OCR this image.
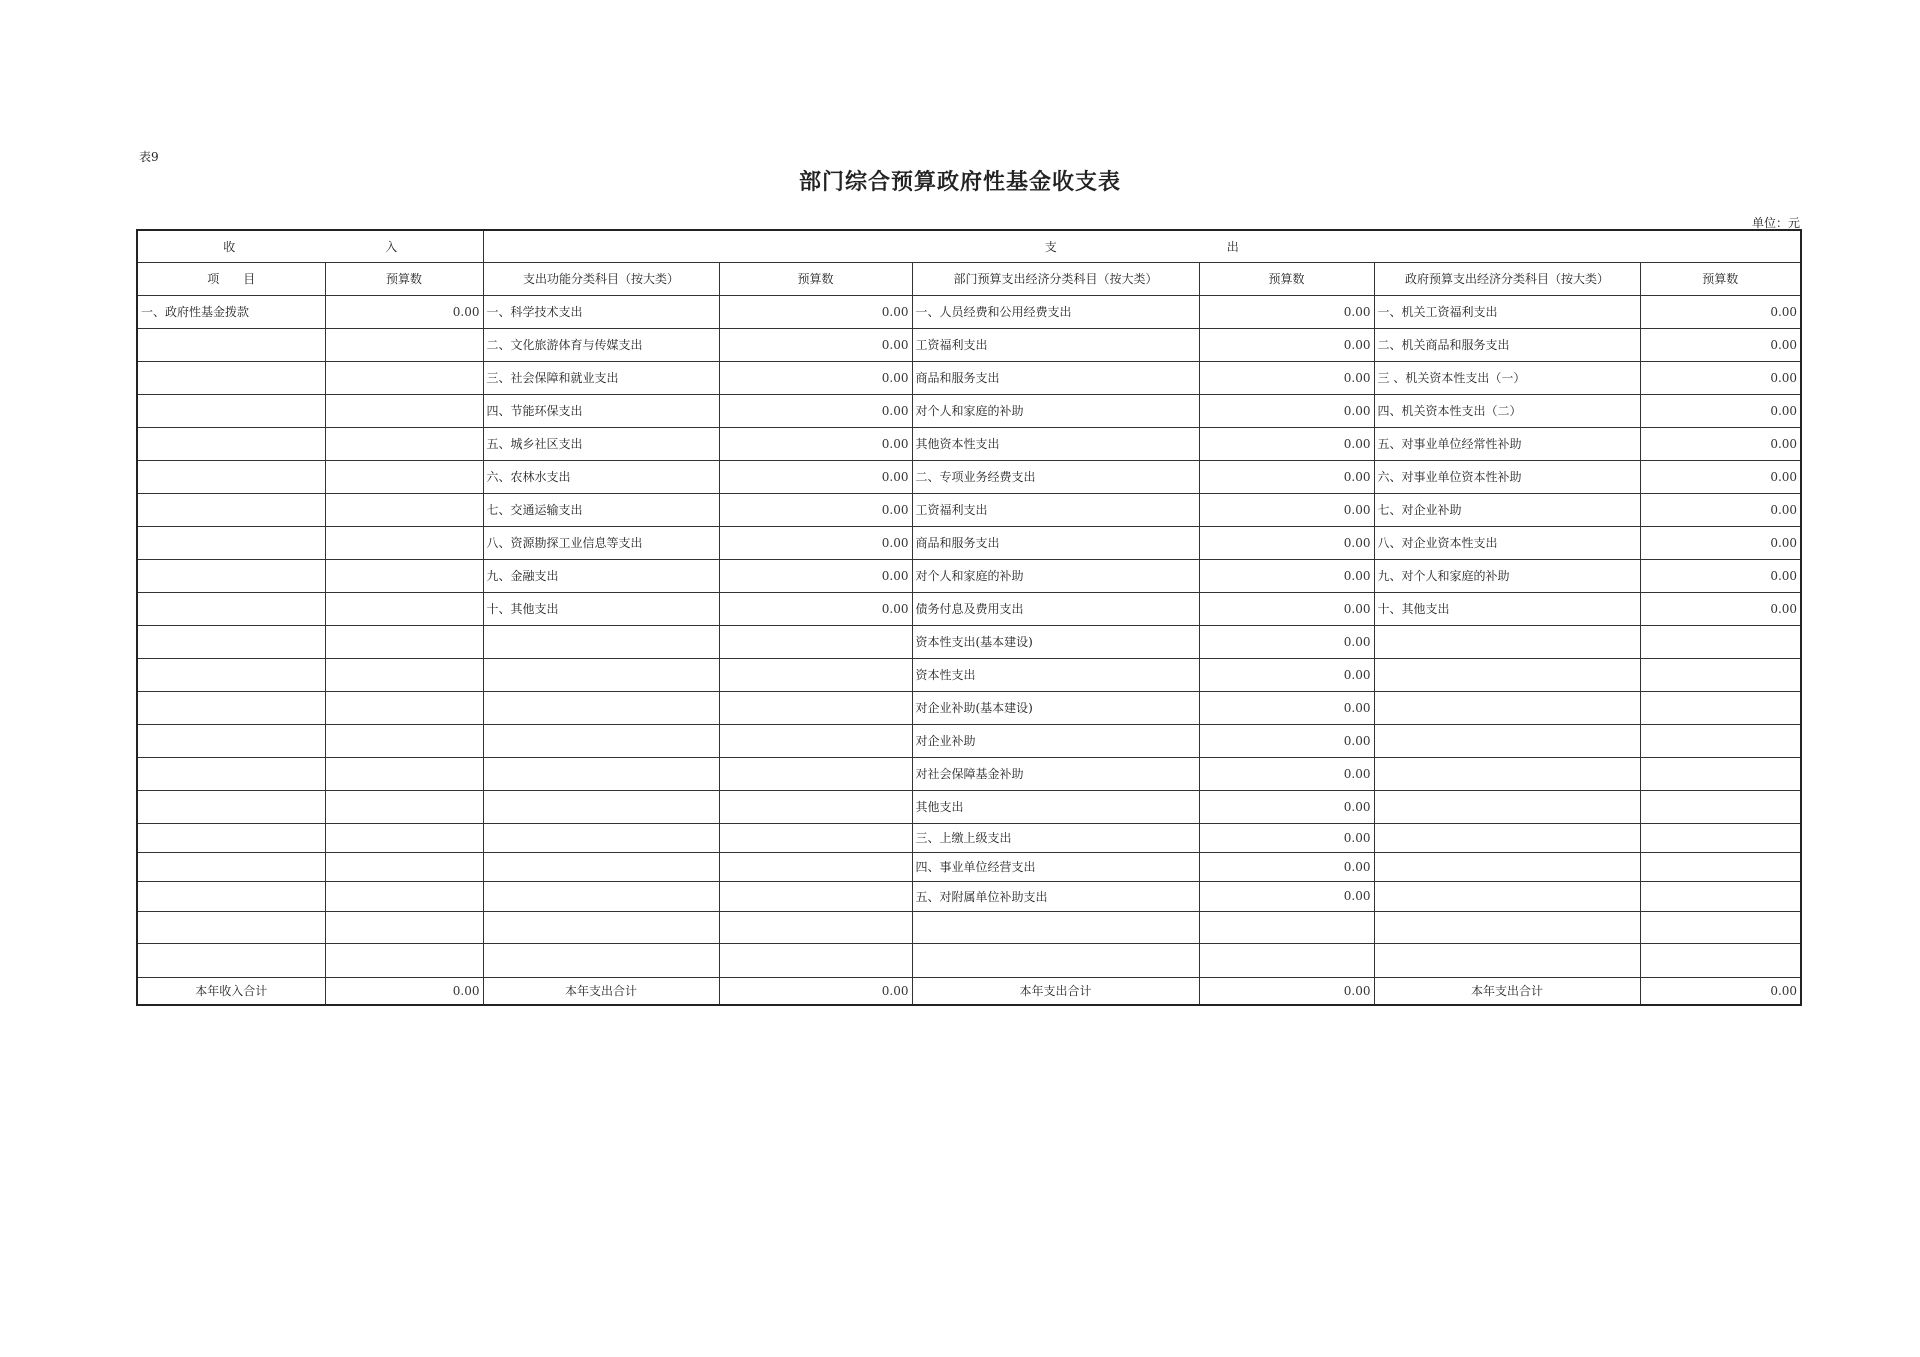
表9
部门综合预算政府性基金收支表
单位：元
收 入		支 出					
项　　目	预算数	支出功能分类科目（按大类）	预算数	部门预算支出经济分类科目（按大类）	预算数	政府预算支出经济分类科目（按大类）	预算数
一、政府性基金拨款	0.00	一、科学技术支出	0.00	一、人员经费和公用经费支出	0.00	一、机关工资福利支出	0.00
		二、文化旅游体育与传媒支出	0.00	工资福利支出	0.00	二、机关商品和服务支出	0.00
		三、社会保障和就业支出	0.00	商品和服务支出	0.00	三 、机关资本性支出（一）	0.00
		四、节能环保支出	0.00	对个人和家庭的补助	0.00	四、机关资本性支出（二）	0.00
		五、城乡社区支出	0.00	其他资本性支出	0.00	五、对事业单位经常性补助	0.00
		六、农林水支出	0.00	二、专项业务经费支出	0.00	六、对事业单位资本性补助	0.00
		七、交通运输支出	0.00	工资福利支出	0.00	七、对企业补助	0.00
		八、资源勘探工业信息等支出	0.00	商品和服务支出	0.00	八、对企业资本性支出	0.00
		九、金融支出	0.00	对个人和家庭的补助	0.00	九、对个人和家庭的补助	0.00
		十、其他支出	0.00	债务付息及费用支出	0.00	十、其他支出	0.00
				资本性支出(基本建设)	0.00		
				资本性支出	0.00		
				对企业补助(基本建设)	0.00		
				对企业补助	0.00		
				对社会保障基金补助	0.00		
				其他支出	0.00		
				三、上缴上级支出	0.00		
				四、事业单位经营支出	0.00		
				五、对附属单位补助支出	0.00		

本年收入合计	0.00	本年支出合计	0.00	本年支出合计	0.00	本年支出合计	0.00
